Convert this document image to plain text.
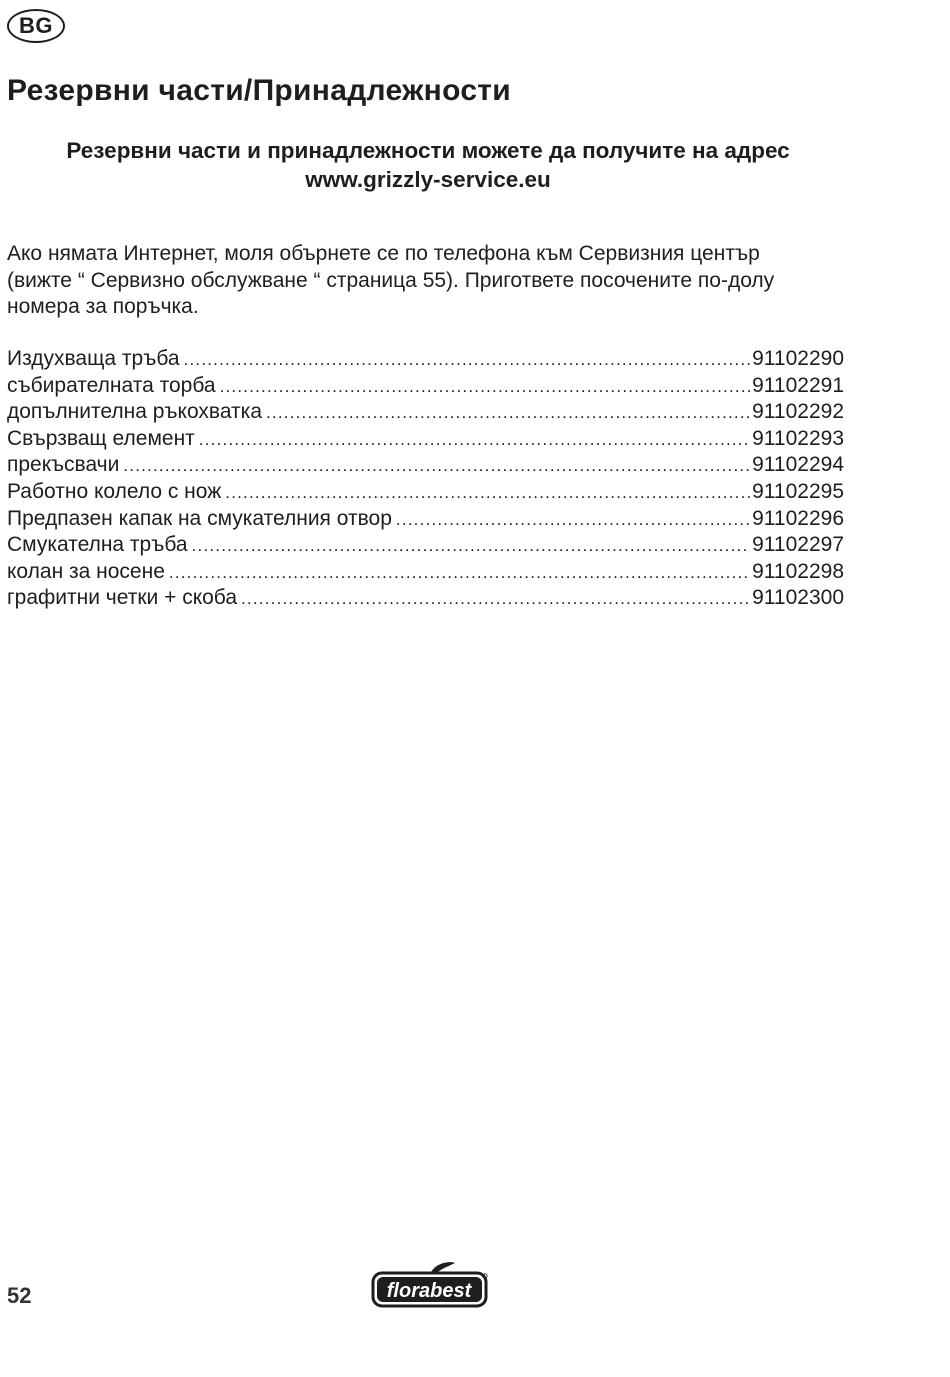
BG
Резервни части/Принадлежности
Резервни части и принадлежности можете да получите на адрес
www.grizzly-service.eu
Ако нямата Интернет, моля обърнете се по телефона към Сервизния център
(вижте “ Сервизно обслужване “ страница 55). Пригответе посочените по-долу
номера за поръчка.
Издухваща тръба .....	91102290
събирателната торба .....	91102291
допълнителна ръкохватка .....	91102292
Свързващ елемент .....	91102293
прекъсвачи .....	91102294
Работно колело с нож .....	91102295
Предпазен капак на смукателния отвор .....	91102296
Смукателна тръба .....	91102297
колан за носене .....	91102298
графитни четки + скоба .....	91102300
52	florabest
